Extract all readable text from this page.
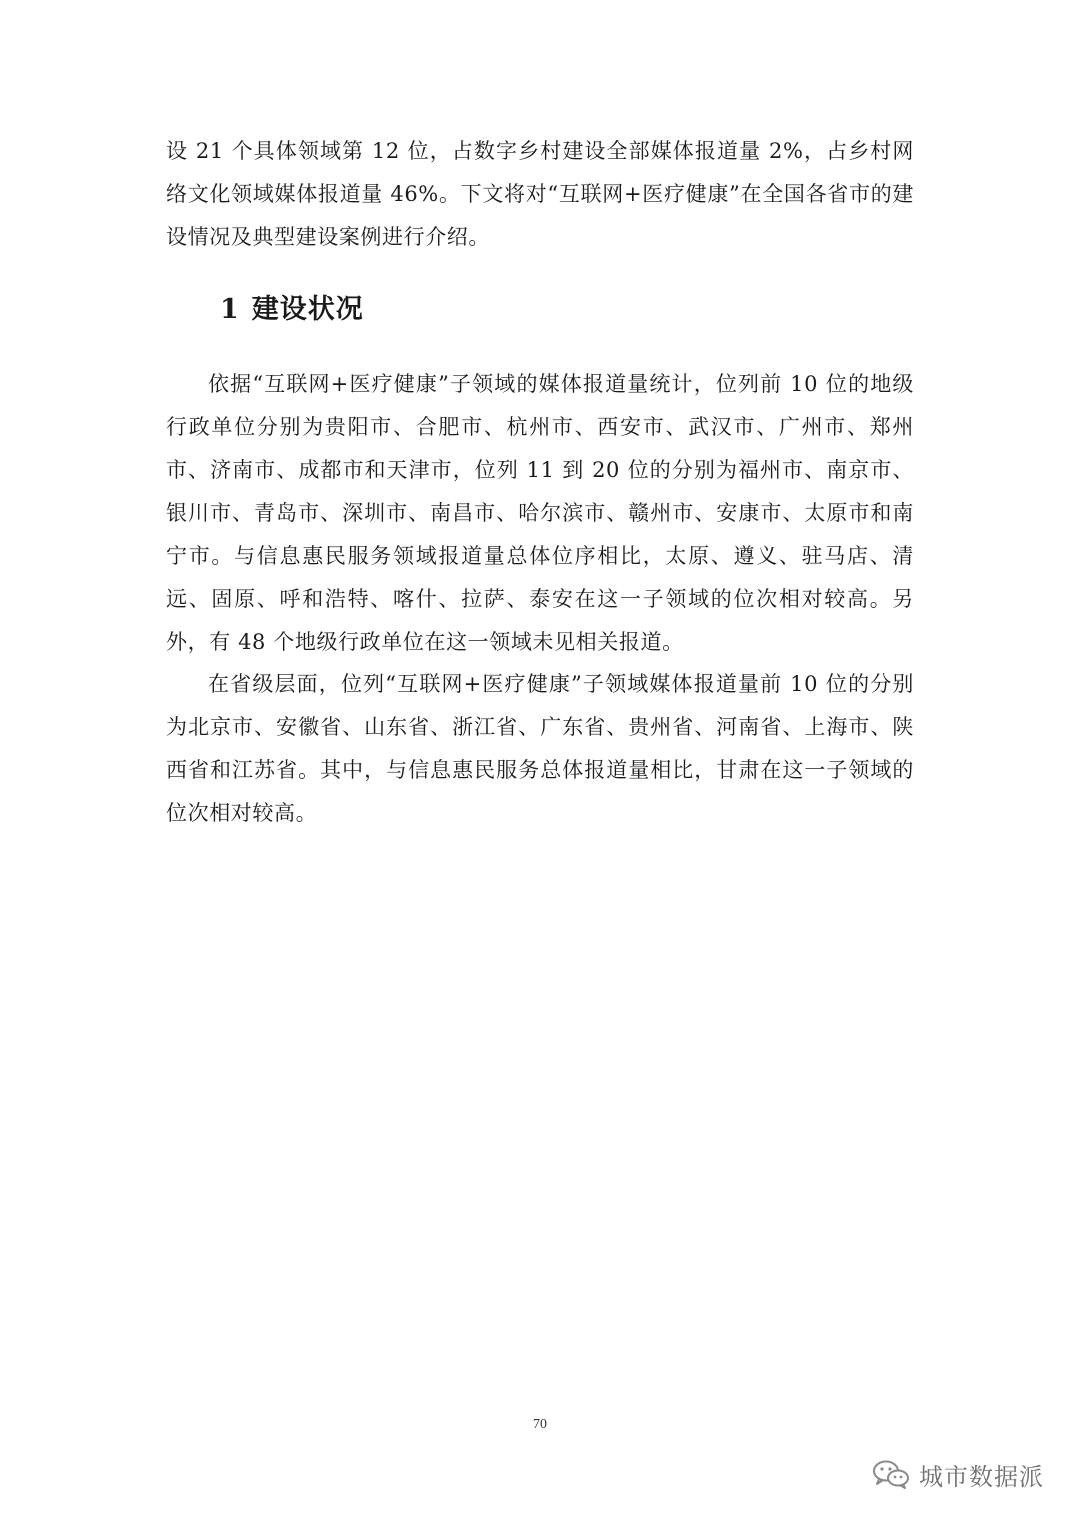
设 21 个具体领域第 12 位，占数字乡村建设全部媒体报道量 2%，占乡村网络文化领域媒体报道量 46%。下文将对“互联网+医疗健康”在全国各省市的建设情况及典型建设案例进行介绍。

1 建设状况

依据“互联网+医疗健康”子领域的媒体报道量统计，位列前 10 位的地级行政单位分别为贵阳市、合肥市、杭州市、西安市、武汉市、广州市、郑州市、济南市、成都市和天津市，位列 11 到 20 位的分别为福州市、南京市、银川市、青岛市、深圳市、南昌市、哈尔滨市、赣州市、安康市、太原市和南宁市。与信息惠民服务领域报道量总体位序相比，太原、遵义、驻马店、清远、固原、呼和浩特、喀什、拉萨、泰安在这一子领域的位次相对较高。另外，有 48 个地级行政单位在这一领域未见相关报道。

在省级层面，位列“互联网+医疗健康”子领域媒体报道量前 10 位的分别为北京市、安徽省、山东省、浙江省、广东省、贵州省、河南省、上海市、陕西省和江苏省。其中，与信息惠民服务总体报道量相比，甘肃在这一子领域的位次相对较高。

70
城市数据派
